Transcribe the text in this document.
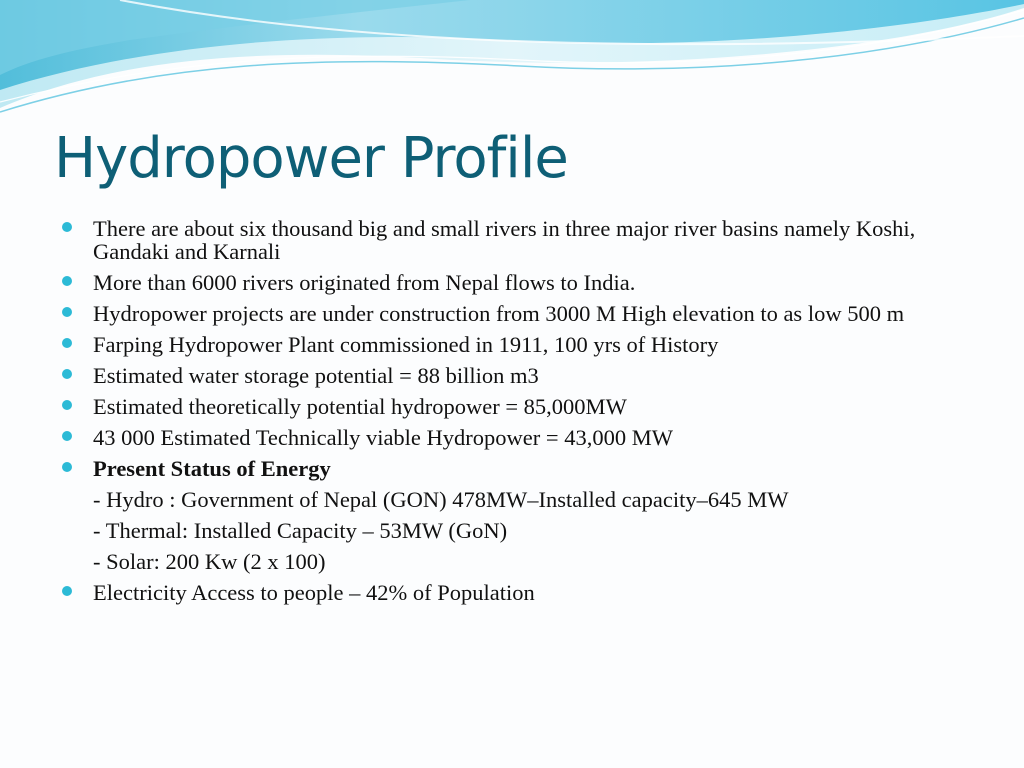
Hydropower Profile
There are about six thousand big and small rivers in three major river basins namely Koshi, Gandaki and Karnali
More than 6000 rivers originated from Nepal flows to India.
Hydropower projects are under construction from 3000 M High elevation to as low 500 m
Farping Hydropower Plant commissioned in 1911, 100 yrs of History
Estimated water storage potential = 88 billion m3
Estimated theoretically potential hydropower = 85,000MW
43 000 Estimated Technically viable Hydropower = 43,000 MW
Present Status of Energy
- Hydro : Government of Nepal (GON) 478MW–Installed capacity–645 MW
- Thermal: Installed Capacity – 53MW (GoN)
- Solar: 200 Kw (2 x 100)
Electricity Access to people – 42% of Population
